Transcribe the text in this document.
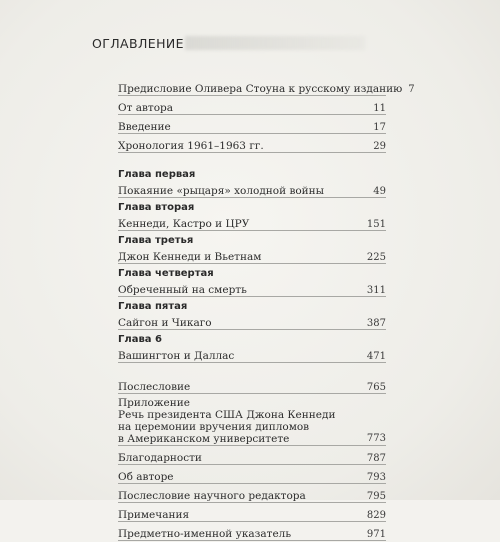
ОГЛАВЛЕНИЕ
Предисловие Оливера Стоуна к русскому изданию 7
От автора	11
Введение	17
Хронология 1961–1963 гг.	29
Глава первая
Покаяние «рыцаря» холодной войны	49
Глава вторая
Кеннеди, Кастро и ЦРУ	151
Глава третья
Джон Кеннеди и Вьетнам	225
Глава четвертая
Обреченный на смерть	311
Глава пятая
Сайгон и Чикаго	387
Глава 6
Вашингтон и Даллас	471
Послесловие	765
Приложение
Речь президента США Джона Кеннеди
на церемонии вручения дипломов
в Американском университете	773
Благодарности	787
Об авторе	793
Послесловие научного редактора	795
Примечания	829
Предметно-именной указатель	971
